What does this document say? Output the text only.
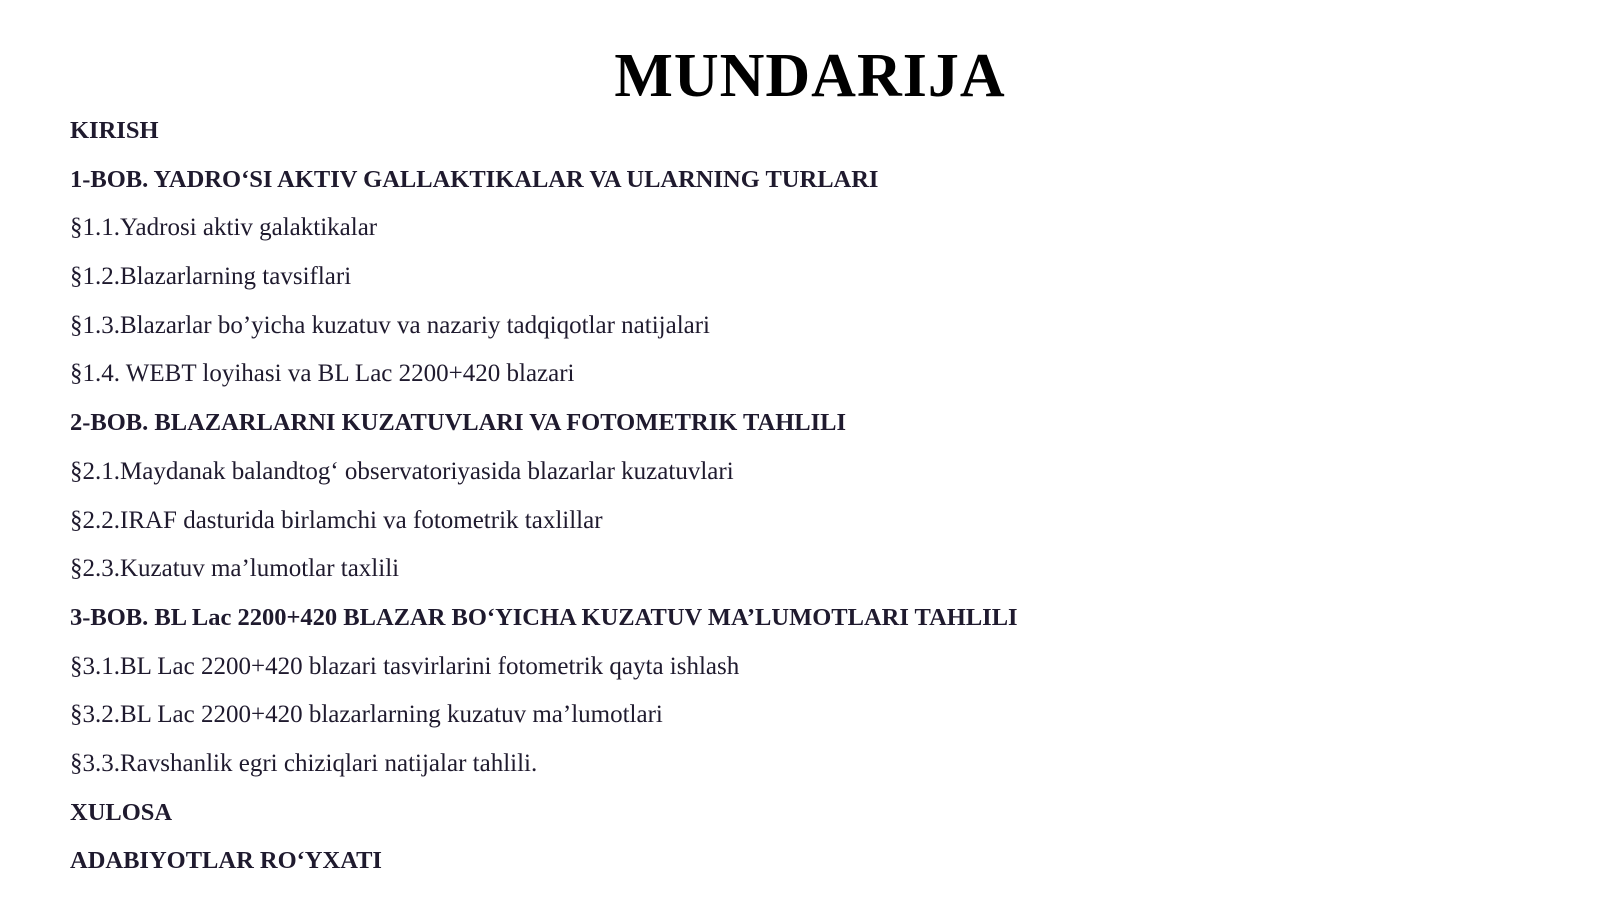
MUNDARIJA
KIRISH
1-BOB. YADRO‘SI AKTIV GALLAKTIKALAR VA ULARNING TURLARI
§1.1.Yadrosi aktiv galaktikalar
§1.2.Blazarlarning tavsiflari
§1.3.Blazarlar bo’yicha kuzatuv va nazariy tadqiqotlar natijalari
§1.4. WEBT loyihasi va BL Lac 2200+420 blazari
2-BOB. BLAZARLARNI KUZATUVLARI VA FOTOMETRIK TAHLILI
§2.1.Maydanak balandtog‘ observatoriyasida blazarlar kuzatuvlari
§2.2.IRAF dasturida birlamchi va fotometrik taxlillar
§2.3.Kuzatuv ma’lumotlar taxlili
3-BOB. BL Lac 2200+420 BLAZAR BO‘YICHA KUZATUV MA’LUMOTLARI TAHLILI
§3.1.BL Lac 2200+420 blazari tasvirlarini fotometrik qayta ishlash
§3.2.BL Lac 2200+420 blazarlarning kuzatuv ma’lumotlari
§3.3.Ravshanlik egri chiziqlari natijalar tahlili.
XULOSA
ADABIYOTLAR RO‘YXATI
